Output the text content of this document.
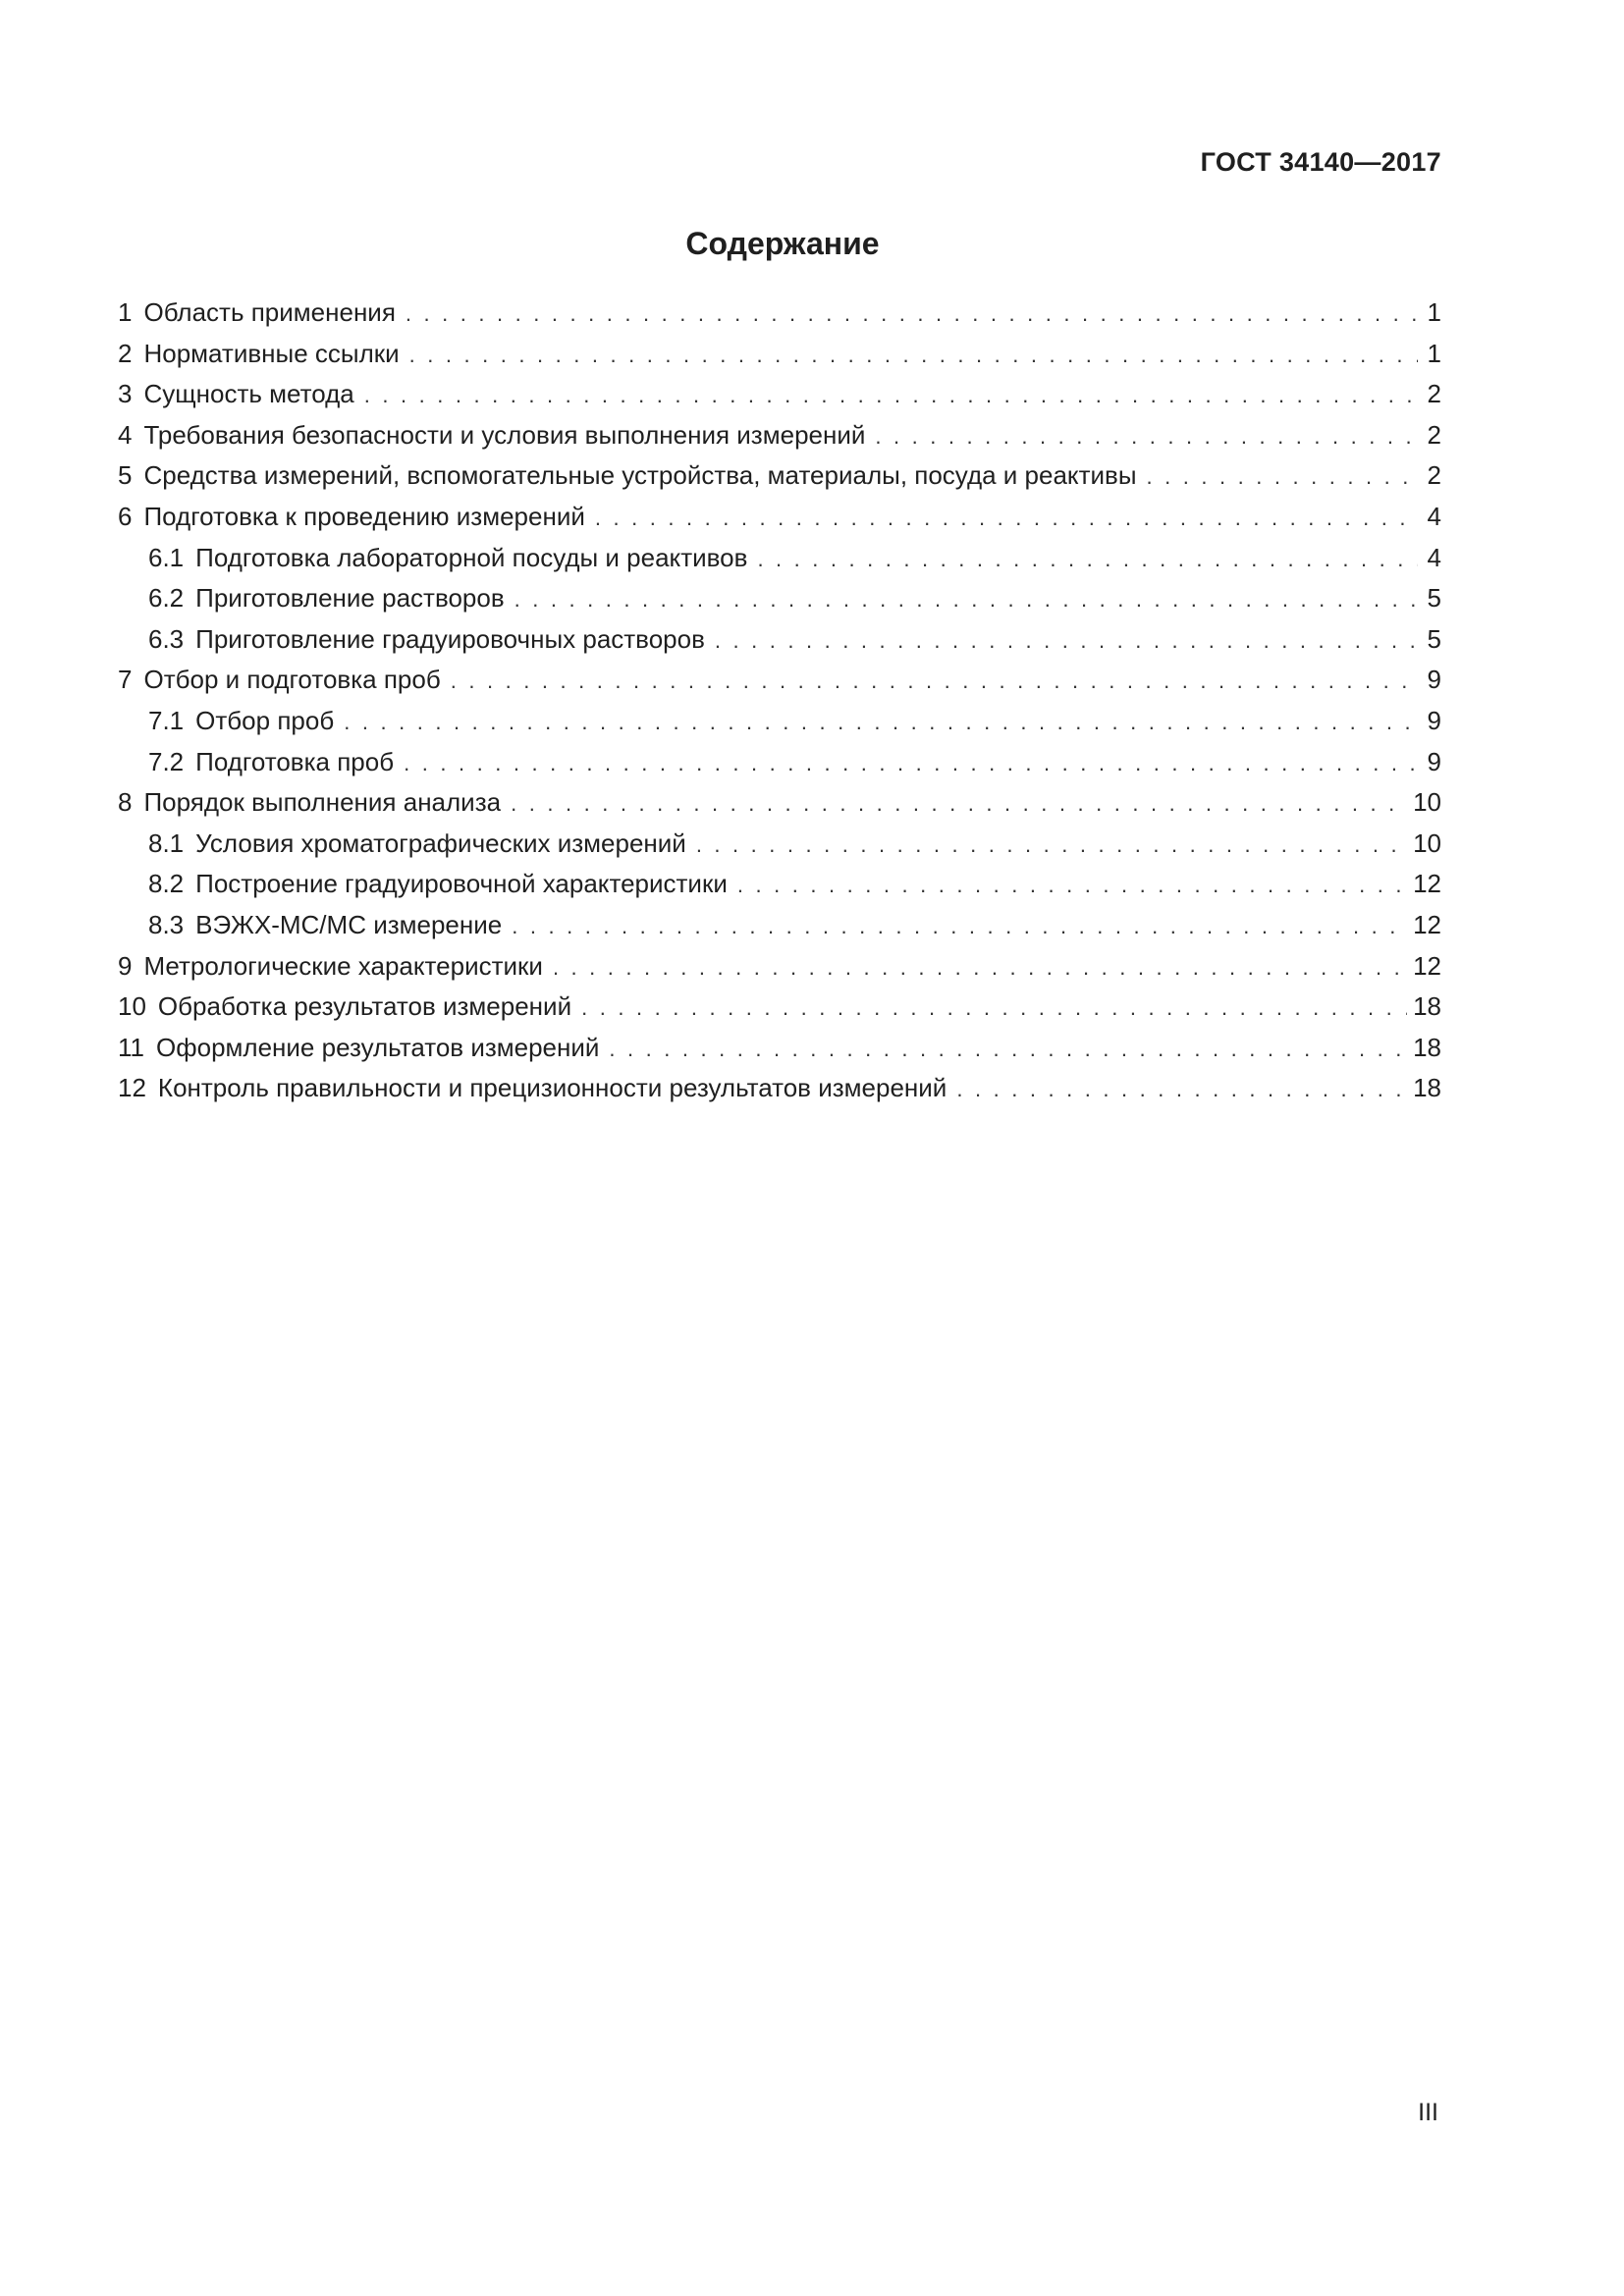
ГОСТ 34140—2017
Содержание
1 Область применения . . .	1
2 Нормативные ссылки . . .	1
3 Сущность метода . . .	2
4 Требования безопасности и условия выполнения измерений . . .	2
5 Средства измерений, вспомогательные устройства, материалы, посуда и реактивы . . .	2
6 Подготовка к проведению измерений . . .	4
6.1 Подготовка лабораторной посуды и реактивов . . .	4
6.2 Приготовление растворов . . .	5
6.3 Приготовление градуировочных растворов . . .	5
7 Отбор и подготовка проб . . .	9
7.1 Отбор проб . . .	9
7.2 Подготовка проб . . .	9
8 Порядок выполнения анализа . . .	10
8.1 Условия хроматографических измерений . . .	10
8.2 Построение градуировочной характеристики . . .	12
8.3 ВЭЖХ-МС/МС измерение . . .	12
9 Метрологические характеристики . . .	12
10 Обработка результатов измерений . . .	18
11 Оформление результатов измерений . . .	18
12 Контроль правильности и прецизионности результатов измерений . . .	18
III
